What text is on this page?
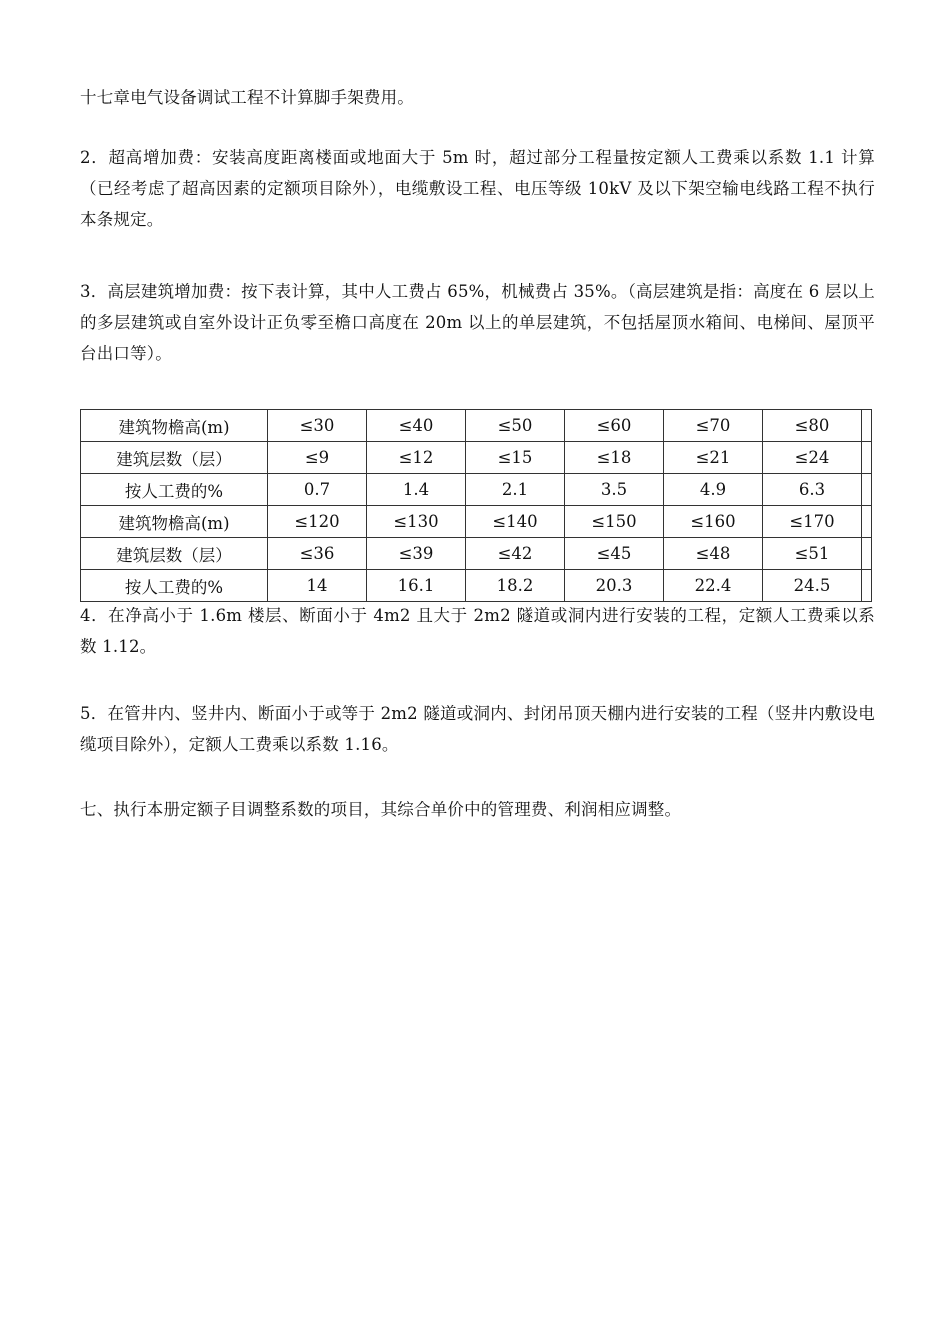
十七章电气设备调试工程不计算脚手架费用。

2．超高增加费：安装高度距离楼面或地面大于 5m 时，超过部分工程量按定额人工费乘以系数 1.1 计算（已经考虑了超高因素的定额项目除外），电缆敷设工程、电压等级 10kV 及以下架空输电线路工程不执行本条规定。

3．高层建筑增加费：按下表计算，其中人工费占 65%，机械费占 35%。（高层建筑是指：高度在 6 层以上的多层建筑或自室外设计正负零至檐口高度在 20m 以上的单层建筑，不包括屋顶水箱间、电梯间、屋顶平台出口等）。

建筑物檐高(m)	≤30	≤40	≤50	≤60	≤70	≤80	
建筑层数（层）	≤9	≤12	≤15	≤18	≤21	≤24	
按人工费的%	0.7	1.4	2.1	3.5	4.9	6.3	
建筑物檐高(m)	≤120	≤130	≤140	≤150	≤160	≤170	
建筑层数（层）	≤36	≤39	≤42	≤45	≤48	≤51	
按人工费的%	14	16.1	18.2	20.3	22.4	24.5	

4．在净高小于 1.6m 楼层、断面小于 4m2 且大于 2m2 隧道或洞内进行安装的工程，定额人工费乘以系数 1.12。

5．在管井内、竖井内、断面小于或等于 2m2 隧道或洞内、封闭吊顶天棚内进行安装的工程（竖井内敷设电缆项目除外），定额人工费乘以系数 1.16。

七、执行本册定额子目调整系数的项目，其综合单价中的管理费、利润相应调整。
